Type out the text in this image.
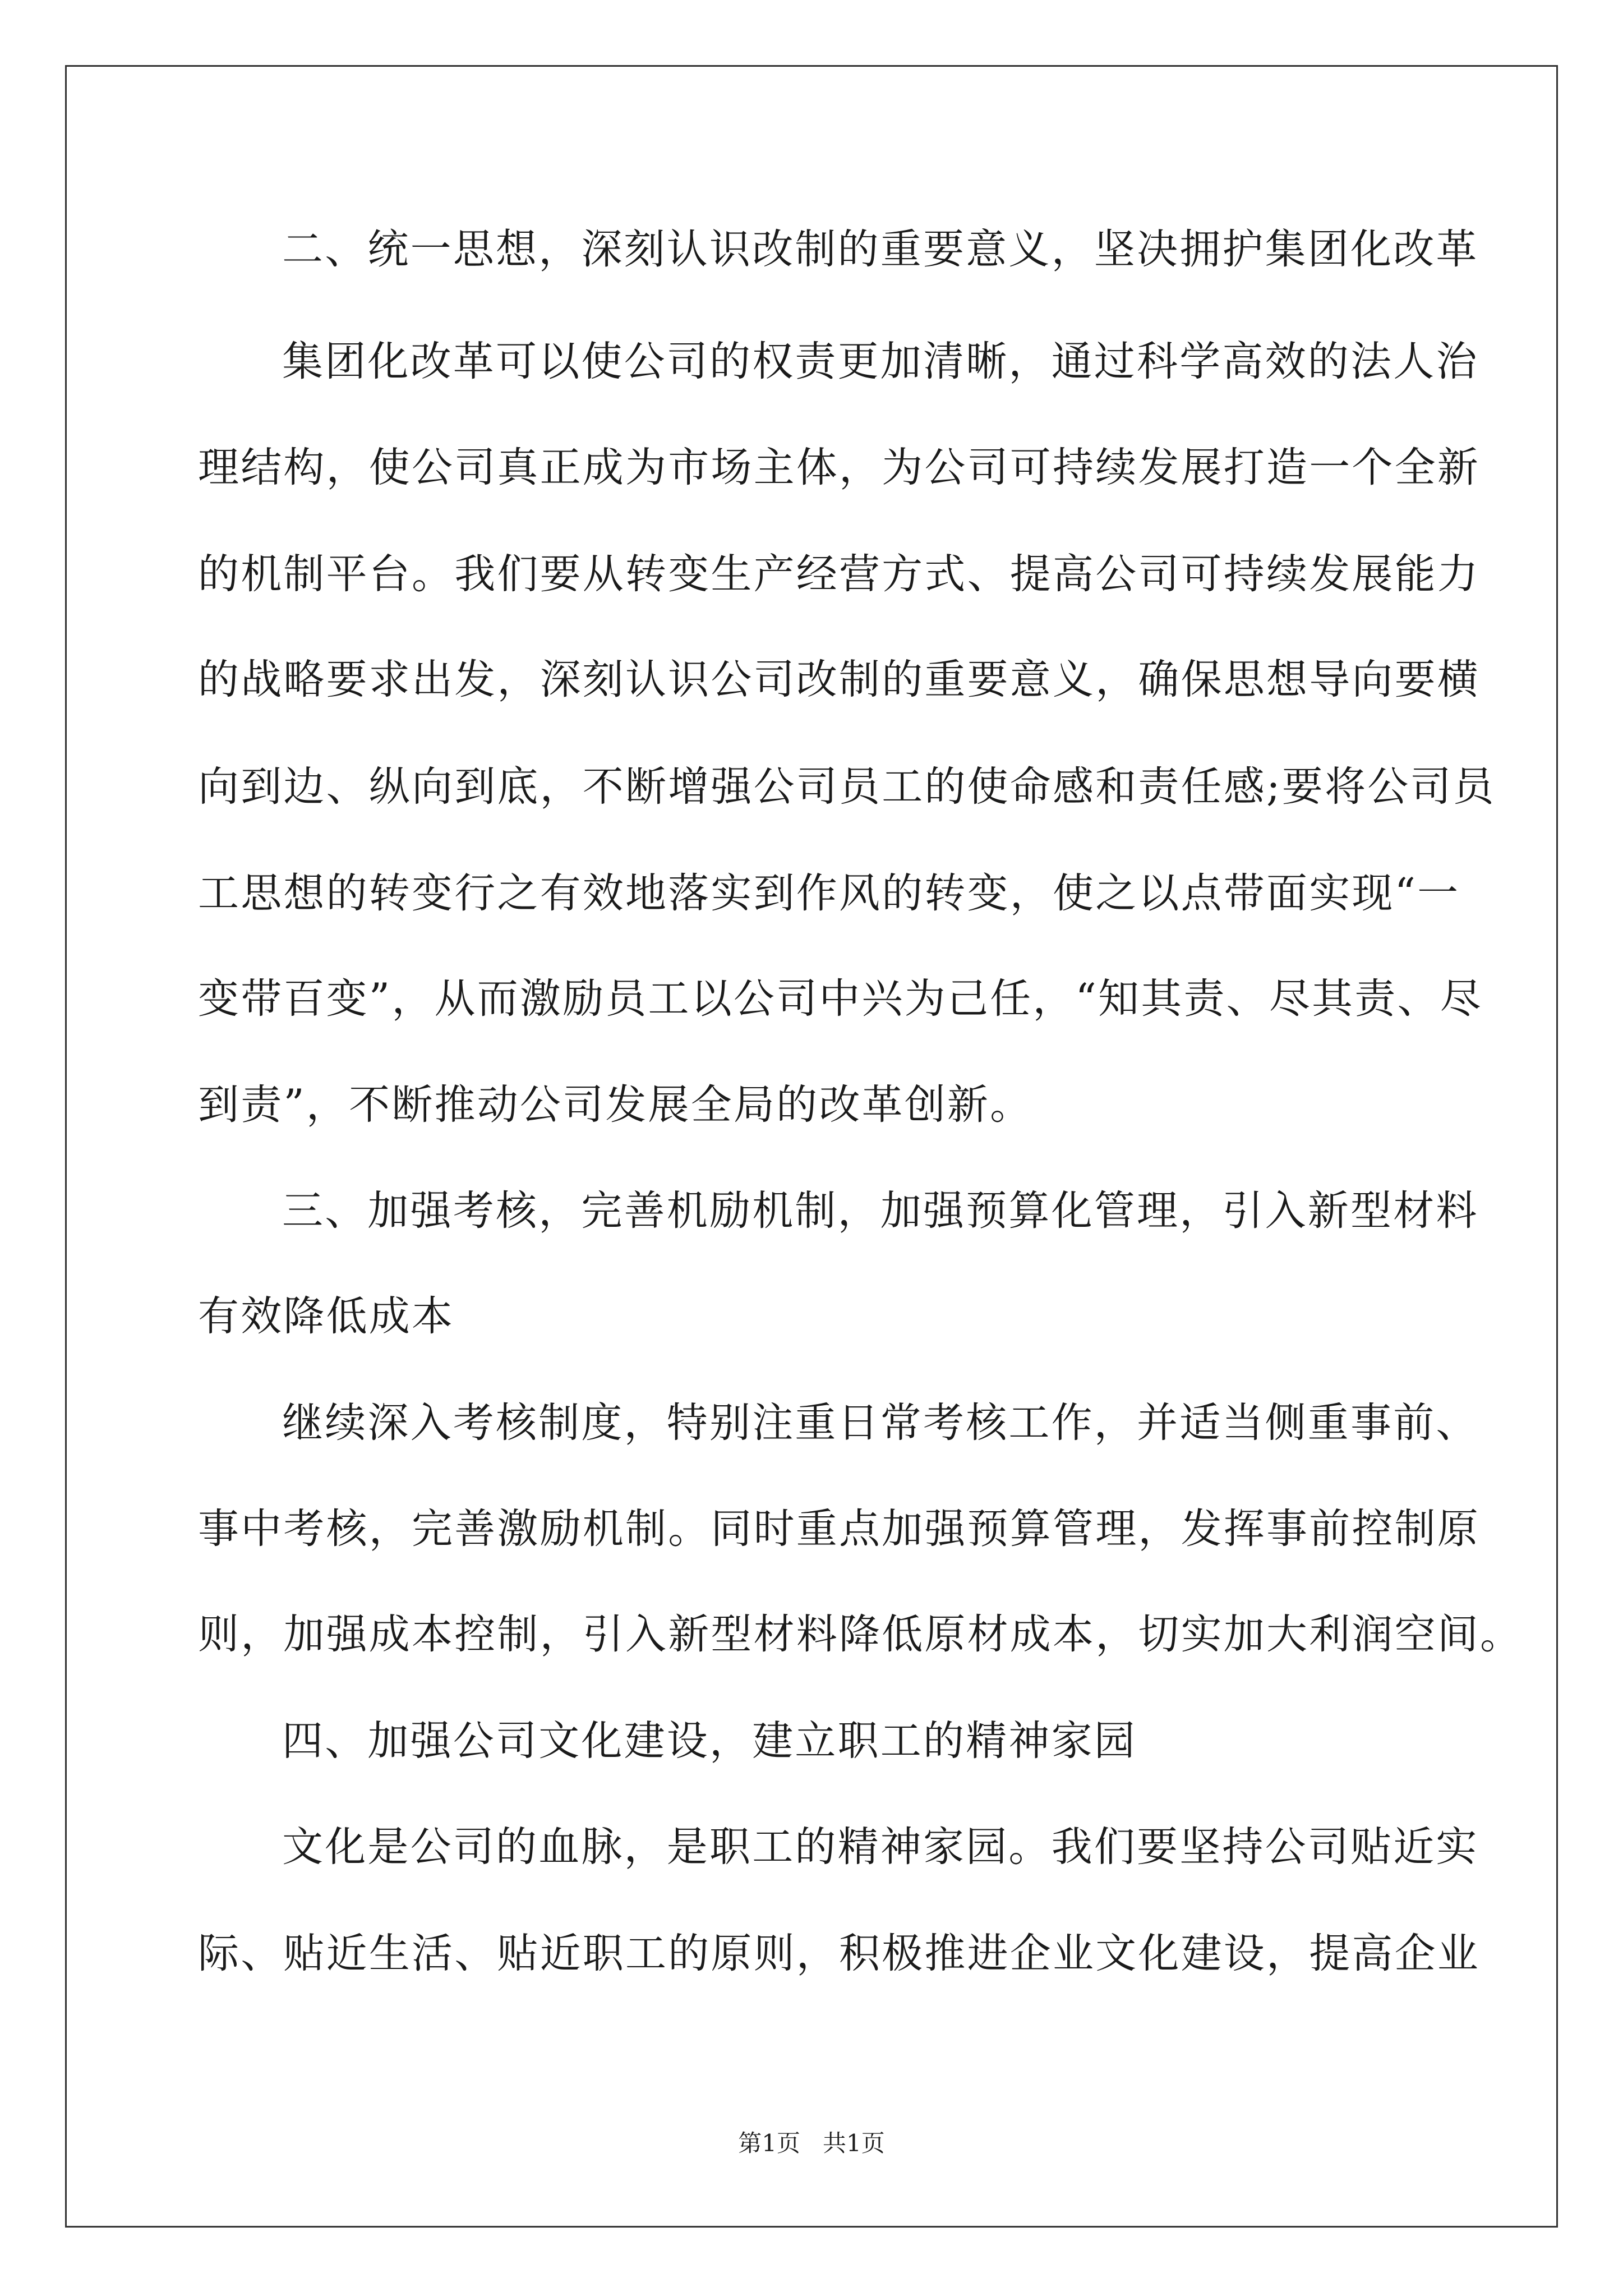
二、统一思想，深刻认识改制的重要意义，坚决拥护集团化改革
集团化改革可以使公司的权责更加清晰，通过科学高效的法人治
理结构，使公司真正成为市场主体，为公司可持续发展打造一个全新
的机制平台。我们要从转变生产经营方式、提高公司可持续发展能力
的战略要求出发，深刻认识公司改制的重要意义，确保思想导向要横
向到边、纵向到底，不断增强公司员工的使命感和责任感;要将公司员
工思想的转变行之有效地落实到作风的转变，使之以点带面实现“一
变带百变”，从而激励员工以公司中兴为己任，“知其责、尽其责、尽
到责”，不断推动公司发展全局的改革创新。
三、加强考核，完善机励机制，加强预算化管理，引入新型材料
有效降低成本
继续深入考核制度，特别注重日常考核工作，并适当侧重事前、
事中考核，完善激励机制。同时重点加强预算管理，发挥事前控制原
则，加强成本控制，引入新型材料降低原材成本，切实加大利润空间。
四、加强公司文化建设，建立职工的精神家园
文化是公司的血脉，是职工的精神家园。我们要坚持公司贴近实
际、贴近生活、贴近职工的原则，积极推进企业文化建设，提高企业
第1页   共1页
